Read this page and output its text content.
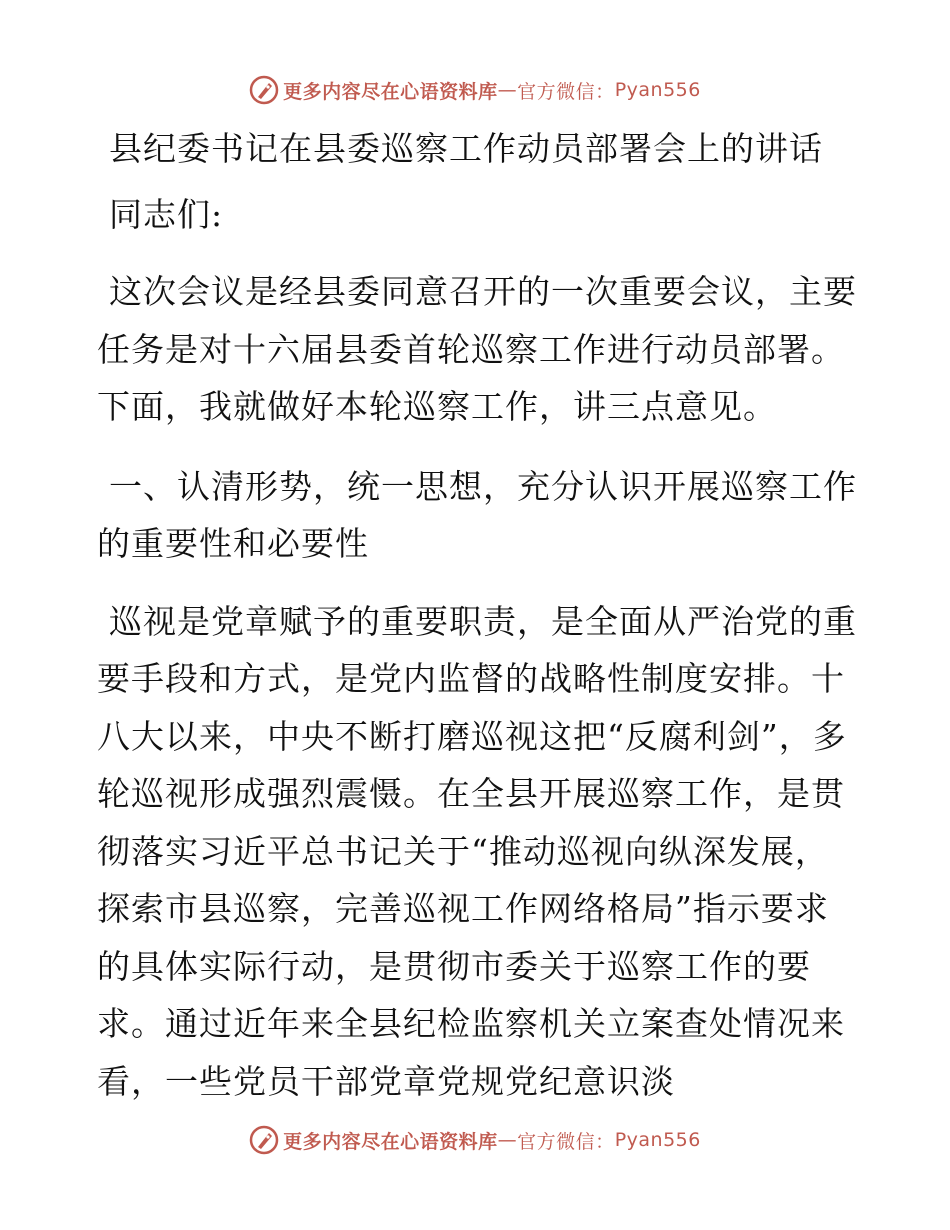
更多内容尽在心语资料库 — 官方微信： Pyan556

县纪委书记在县委巡察工作动员部署会上的讲话

同志们:

这次会议是经县委同意召开的一次重要会议，主要任务是对十六届县委首轮巡察工作进行动员部署。下面，我就做好本轮巡察工作，讲三点意见。

一、认清形势，统一思想，充分认识开展巡察工作的重要性和必要性

巡视是党章赋予的重要职责，是全面从严治党的重要手段和方式，是党内监督的战略性制度安排。十八大以来，中央不断打磨巡视这把“反腐利剑”，多轮巡视形成强烈震慑。在全县开展巡察工作，是贯彻落实习近平总书记关于“推动巡视向纵深发展，探索市县巡察，完善巡视工作网络格局”指示要求的具体实际行动，是贯彻市委关于巡察工作的要求。通过近年来全县纪检监察机关立案查处情况来看，一些党员干部党章党规党纪意识淡

更多内容尽在心语资料库 — 官方微信： Pyan556
